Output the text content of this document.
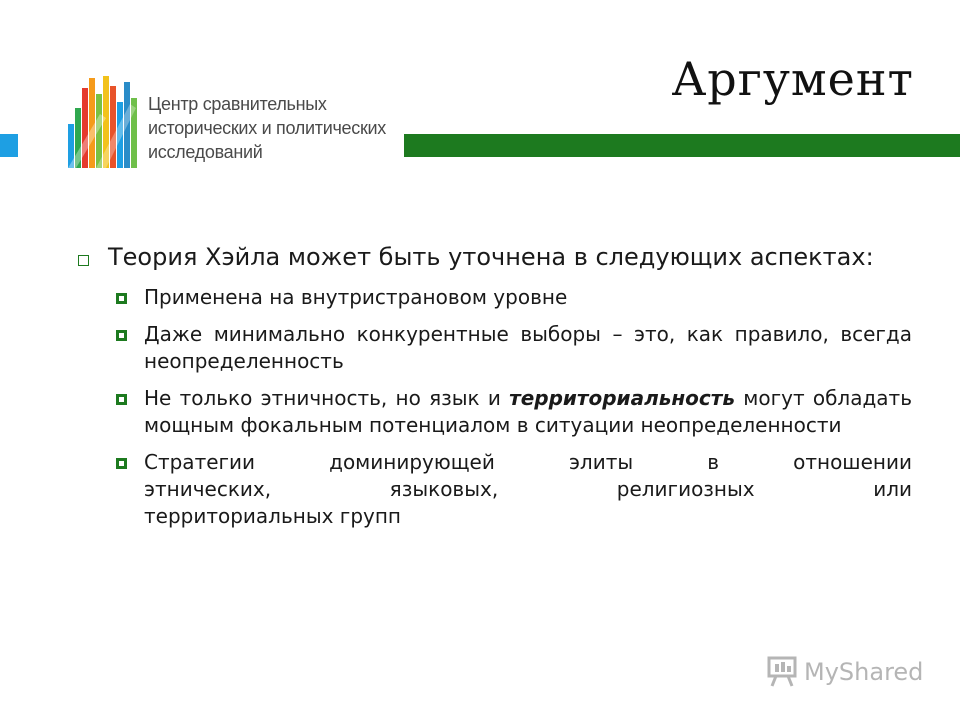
Центр сравнительных
исторических и политических
исследований
Аргумент
Теория Хэйла может быть уточнена в следующих аспектах:
Применена на внутристрановом уровне
Даже минимально конкурентные выборы – это, как правило, всегда неопределенность
Не только этничность, но язык и территориальность могут обладать мощным фокальным потенциалом в ситуации неопределенности
Стратегии доминирующей элиты в отношении
этнических, языковых, религиозных или
территориальных групп
MyShared
